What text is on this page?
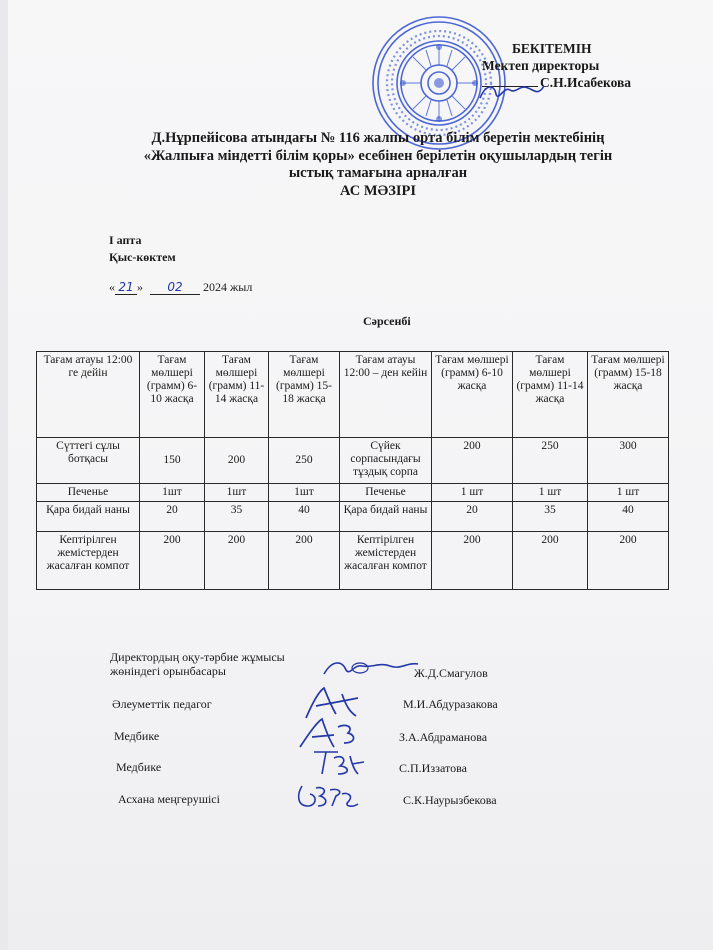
БЕКІТЕМІН
Мектеп директоры
С.Н.Исабекова
Д.Нұрпейісова атындағы № 116 жалпы орта білім беретін мектебінің
«Жалпыға міндетті білім қоры» есебінен берілетін оқушылардың тегін
ыстық тамағына арналған
АС МӘЗІРІ
I апта
Қыс-көктем
« 21 » 02 2024 жыл
Сәрсенбі
Тағам атауы 12:00 ге дейін	Тағам мөлшері (грамм) 6-10 жасқа	Тағам мөлшері (грамм) 11-14 жасқа	Тағам мөлшері (грамм) 15-18 жасқа	Тағам атауы 12:00 – ден кейін	Тағам мөлшері (грамм) 6-10 жасқа	Тағам мөлшері (грамм) 11-14 жасқа	Тағам мөлшері (грамм) 15-18 жасқа
Сүттегі сұлы ботқасы	150	200	250	Сүйек сорпасындағы тұздық сорпа	200	250	300
Печенье	1шт	1шт	1шт	Печенье	1 шт	1 шт	1 шт
Қара бидай наны	20	35	40	Қара бидай наны	20	35	40
Кептірілген жемістерден жасалған компот	200	200	200	Кептірілген жемістерден жасалған компот	200	200	200
Директордың оқу-тәрбие жұмысы
жөніндегі орынбасары	Ж.Д.Смагулов
Әлеуметтік педагог	М.И.Абдуразакова
Медбике	З.А.Абдраманова
Медбике	С.П.Иззатова
Асхана меңгерушісі	С.К.Наурызбекова
